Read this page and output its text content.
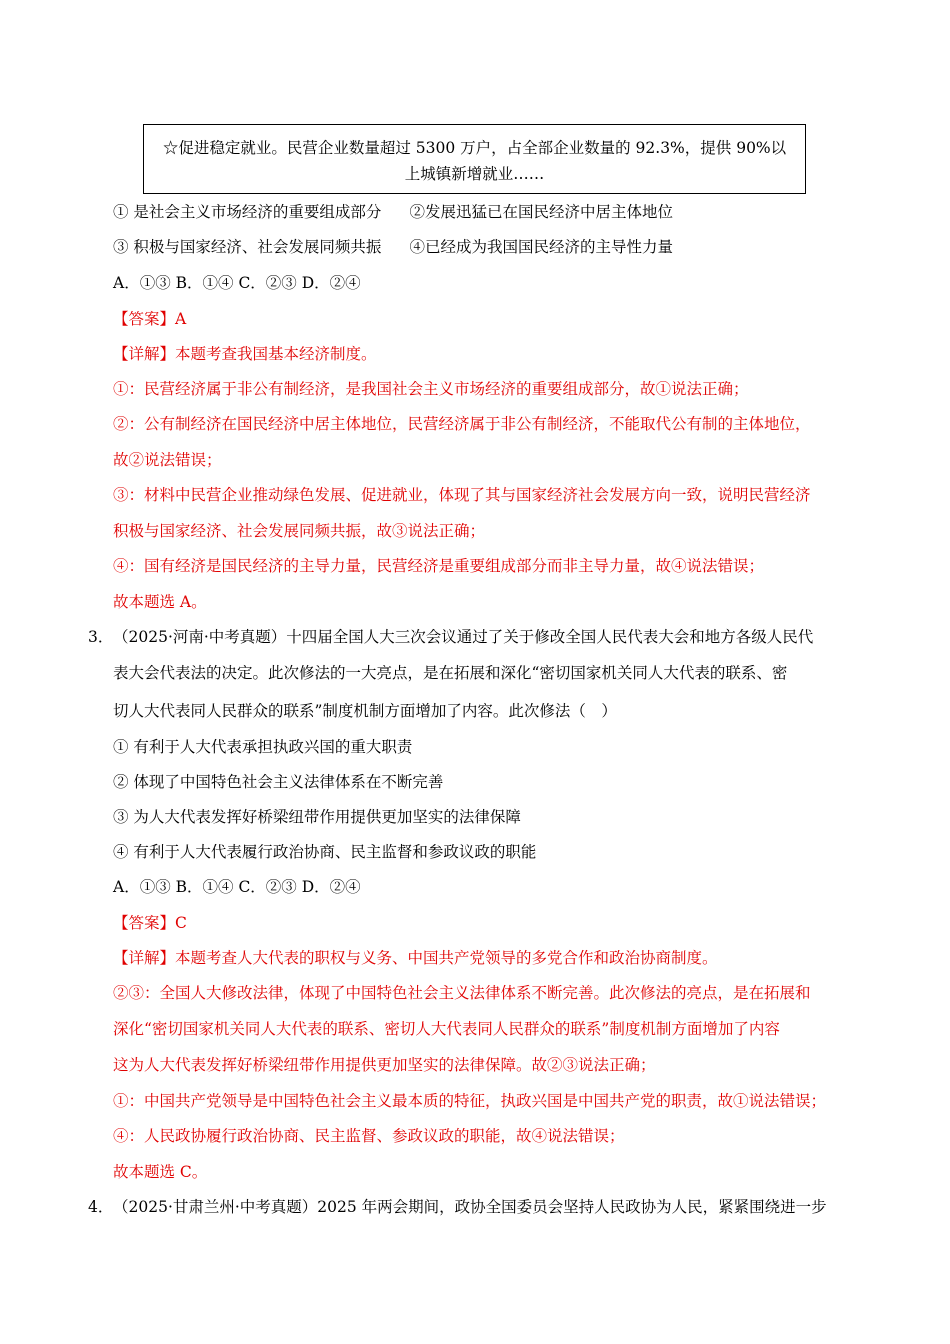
☆促进稳定就业。民营企业数量超过 5300 万户，占全部企业数量的 92.3%，提供 90%以
上城镇新增就业……
① 是社会主义市场经济的重要组成部分 ②发展迅猛已在国民经济中居主体地位
③ 积极与国家经济、社会发展同频共振 ④已经成为我国国民经济的主导性力量
A．①③ B．①④ C．②③ D．②④
【答案】A
【详解】本题考查我国基本经济制度。
①：民营经济属于非公有制经济，是我国社会主义市场经济的重要组成部分，故①说法正确；
②：公有制经济在国民经济中居主体地位，民营经济属于非公有制经济，不能取代公有制的主体地位，
故②说法错误；
③：材料中民营企业推动绿色发展、促进就业，体现了其与国家经济社会发展方向一致，说明民营经济
积极与国家经济、社会发展同频共振，故③说法正确；
④：国有经济是国民经济的主导力量，民营经济是重要组成部分而非主导力量，故④说法错误；
故本题选 A。
3． （2025·河南·中考真题）十四届全国人大三次会议通过了关于修改全国人民代表大会和地方各级人民代
表大会代表法的决定。此次修法的一大亮点，是在拓展和深化“密切国家机关同人大代表的联系、密
切人大代表同人民群众的联系”制度机制方面增加了内容。此次修法（　）
① 有利于人大代表承担执政兴国的重大职责
② 体现了中国特色社会主义法律体系在不断完善
③ 为人大代表发挥好桥梁纽带作用提供更加坚实的法律保障
④ 有利于人大代表履行政治协商、民主监督和参政议政的职能
A．①③ B．①④ C．②③ D．②④
【答案】C
【详解】本题考查人大代表的职权与义务、中国共产党领导的多党合作和政治协商制度。
②③：全国人大修改法律，体现了中国特色社会主义法律体系不断完善。此次修法的亮点，是在拓展和
深化“密切国家机关同人大代表的联系、密切人大代表同人民群众的联系”制度机制方面增加了内容
这为人大代表发挥好桥梁纽带作用提供更加坚实的法律保障。故②③说法正确；
①：中国共产党领导是中国特色社会主义最本质的特征，执政兴国是中国共产党的职责，故①说法错误；
④：人民政协履行政治协商、民主监督、参政议政的职能，故④说法错误；
故本题选 C。
4． （2025·甘肃兰州·中考真题）2025 年两会期间，政协全国委员会坚持人民政协为人民，紧紧围绕进一步
